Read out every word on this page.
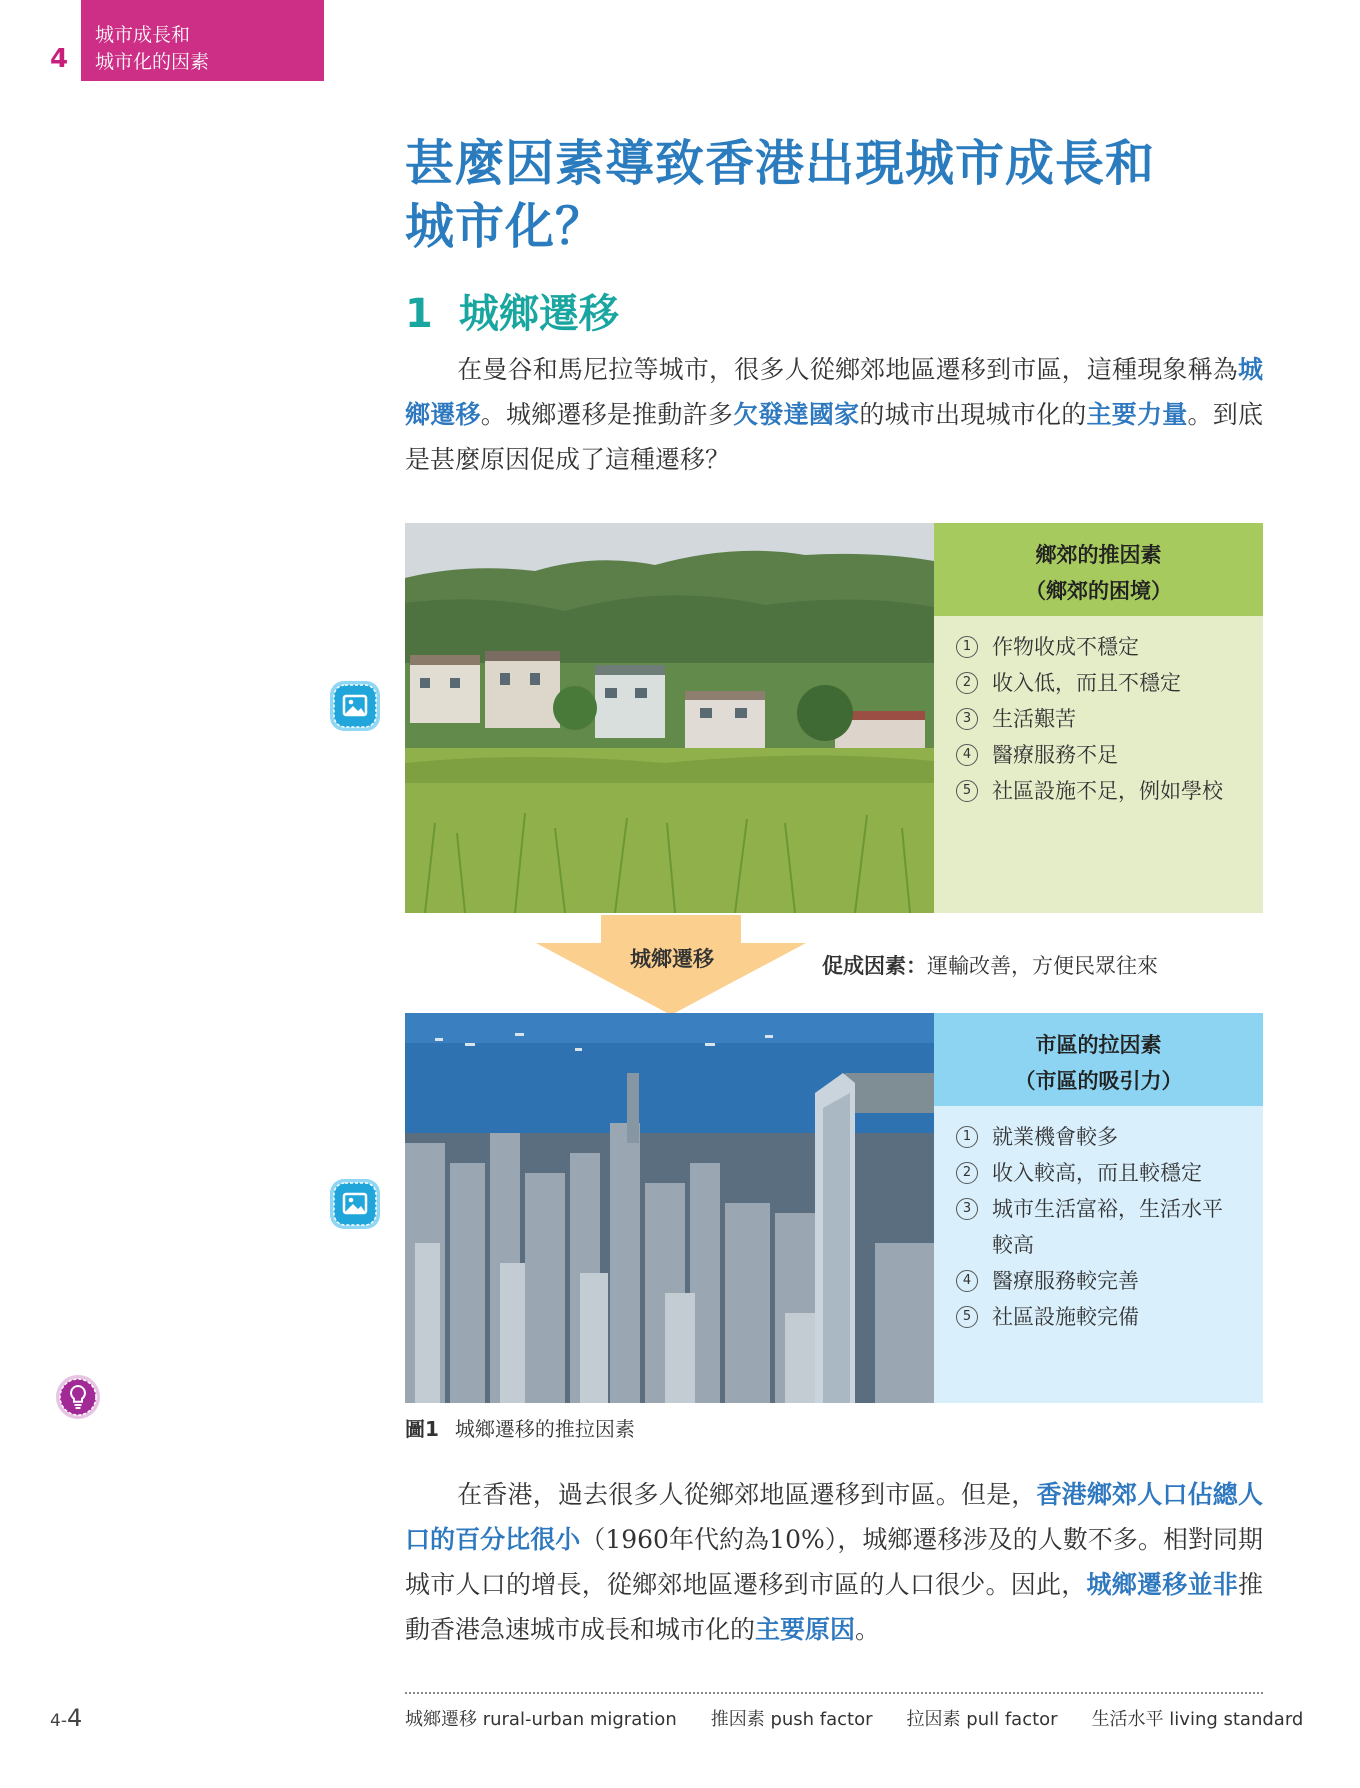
4
城市成長和
城市化的因素
甚麼因素導致香港出現城市成長和
城市化？
1 城鄉遷移
在曼谷和馬尼拉等城市，很多人從鄉郊地區遷移到市區，這種現象稱為城鄉遷移。城鄉遷移是推動許多欠發達國家的城市出現城市化的主要力量。到底是甚麼原因促成了這種遷移？
鄉郊的推因素
（鄉郊的困境）
1 作物收成不穩定
2 收入低，而且不穩定
3 生活艱苦
4 醫療服務不足
5 社區設施不足，例如學校
城鄉遷移	促成因素：運輸改善，方便民眾往來
市區的拉因素
（市區的吸引力）
1 就業機會較多
2 收入較高，而且較穩定
3 城市生活富裕，生活水平
較高
4 醫療服務較完善
5 社區設施較完備
圖1 城鄉遷移的推拉因素
在香港，過去很多人從鄉郊地區遷移到市區。但是，香港鄉郊人口佔總人口的百分比很小（1960年代約為10%），城鄉遷移涉及的人數不多。相對同期城市人口的增長，從鄉郊地區遷移到市區的人口很少。因此，城鄉遷移並非推動香港急速城市成長和城市化的主要原因。
城鄉遷移 rural-urban migration 推因素 push factor 拉因素 pull factor 生活水平 living standard
4-4
